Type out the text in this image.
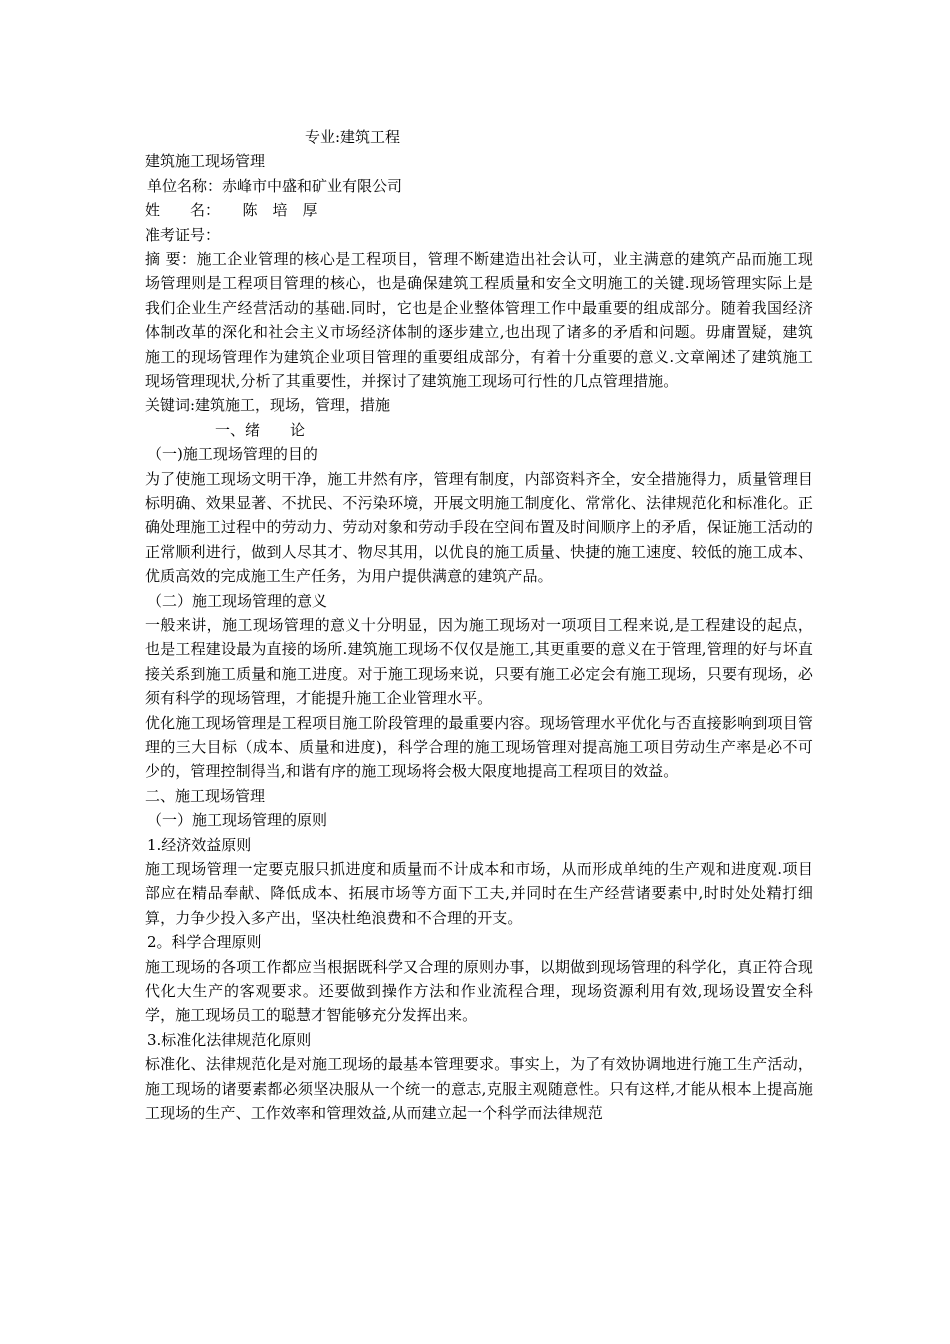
专业:建筑工程
建筑施工现场管理
单位名称：赤峰市中盛和矿业有限公司
姓　　名：　　陈　培　厚
准考证号：
摘 要：施工企业管理的核心是工程项目，管理不断建造出社会认可，业主满意的建筑产品而施工现场管理则是工程项目管理的核心，也是确保建筑工程质量和安全文明施工的关键.现场管理实际上是我们企业生产经营活动的基础.同时，它也是企业整体管理工作中最重要的组成部分。随着我国经济体制改革的深化和社会主义市场经济体制的逐步建立,也出现了诸多的矛盾和问题。毋庸置疑，建筑施工的现场管理作为建筑企业项目管理的重要组成部分，有着十分重要的意义.文章阐述了建筑施工现场管理现状,分析了其重要性，并探讨了建筑施工现场可行性的几点管理措施。
关键词:建筑施工，现场，管理，措施
一、绪　　论
（一)施工现场管理的目的
为了使施工现场文明干净，施工井然有序，管理有制度，内部资料齐全，安全措施得力，质量管理目标明确、效果显著、不扰民、不污染环境，开展文明施工制度化、常常化、法律规范化和标准化。正确处理施工过程中的劳动力、劳动对象和劳动手段在空间布置及时间顺序上的矛盾，保证施工活动的正常顺利进行，做到人尽其才、物尽其用，以优良的施工质量、快捷的施工速度、较低的施工成本、优质高效的完成施工生产任务，为用户提供满意的建筑产品。
（二）施工现场管理的意义
一般来讲，施工现场管理的意义十分明显，因为施工现场对一项项目工程来说,是工程建设的起点，也是工程建设最为直接的场所.建筑施工现场不仅仅是施工,其更重要的意义在于管理,管理的好与坏直接关系到施工质量和施工进度。对于施工现场来说，只要有施工必定会有施工现场，只要有现场，必须有科学的现场管理，才能提升施工企业管理水平。
优化施工现场管理是工程项目施工阶段管理的最重要内容。现场管理水平优化与否直接影响到项目管理的三大目标（成本、质量和进度)，科学合理的施工现场管理对提高施工项目劳动生产率是必不可少的，管理控制得当,和谐有序的施工现场将会极大限度地提高工程项目的效益。
二、施工现场管理
（一）施工现场管理的原则
1.经济效益原则
施工现场管理一定要克服只抓进度和质量而不计成本和市场，从而形成单纯的生产观和进度观.项目部应在精品奉献、降低成本、拓展市场等方面下工夫,并同时在生产经营诸要素中,时时处处精打细算，力争少投入多产出，坚决杜绝浪费和不合理的开支。
2。科学合理原则
施工现场的各项工作都应当根据既科学又合理的原则办事，以期做到现场管理的科学化，真正符合现代化大生产的客观要求。还要做到操作方法和作业流程合理，现场资源利用有效,现场设置安全科学，施工现场员工的聪慧才智能够充分发挥出来。
3.标准化法律规范化原则
标准化、法律规范化是对施工现场的最基本管理要求。事实上，为了有效协调地进行施工生产活动，施工现场的诸要素都必须坚决服从一个统一的意志,克服主观随意性。只有这样,才能从根本上提高施工现场的生产、工作效率和管理效益,从而建立起一个科学而法律规范
